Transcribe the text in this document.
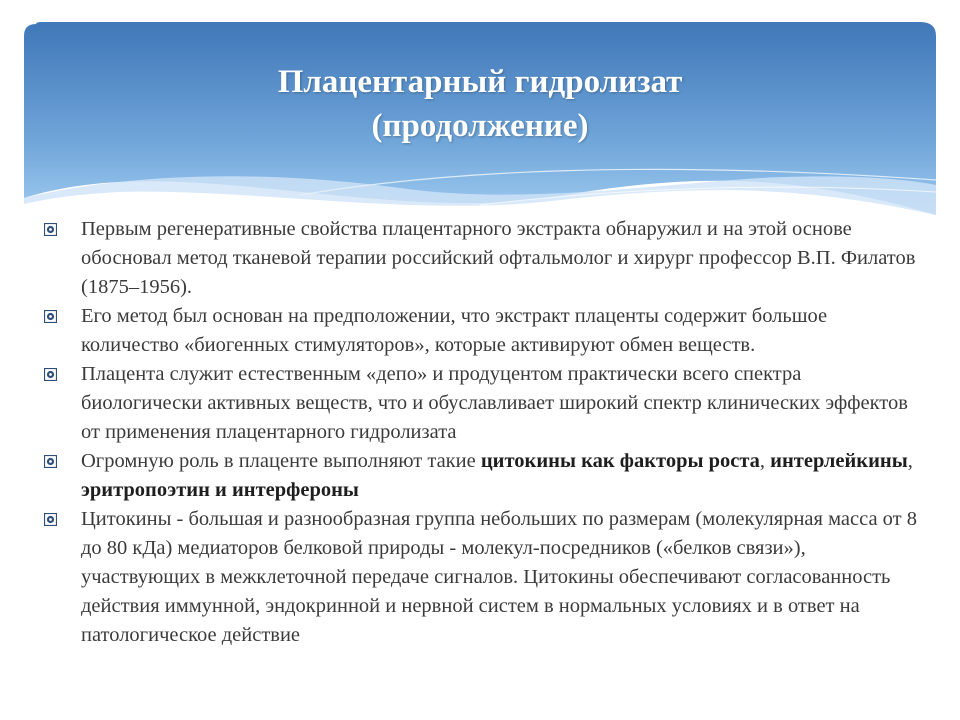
Плацентарный гидролизат
(продолжение)
Первым регенеративные свойства плацентарного экстракта обнаружил и на этой основе обосновал метод тканевой терапии российский офтальмолог и хирург профессор В.П. Филатов (1875–1956).
Его метод был основан на предположении, что экстракт плаценты содержит большое количество «биогенных стимуляторов», которые активируют обмен веществ.
Плацента служит естественным «депо» и продуцентом практически всего спектра биологически активных веществ, что и обуславливает широкий спектр клинических эффектов от применения плацентарного гидролизата
Огромную роль в плаценте выполняют такие цитокины как факторы роста, интерлейкины, эритропоэтин и интерфероны
Цитокины - большая и разнообразная группа небольших по размерам (молекулярная масса от 8 до 80 кДа) медиаторов белковой природы - молекул-посредников («белков связи»), участвующих в межклеточной передаче сигналов. Цитокины обеспечивают согласованность действия иммунной, эндокринной и нервной систем в нормальных условиях и в ответ на патологическое действие
